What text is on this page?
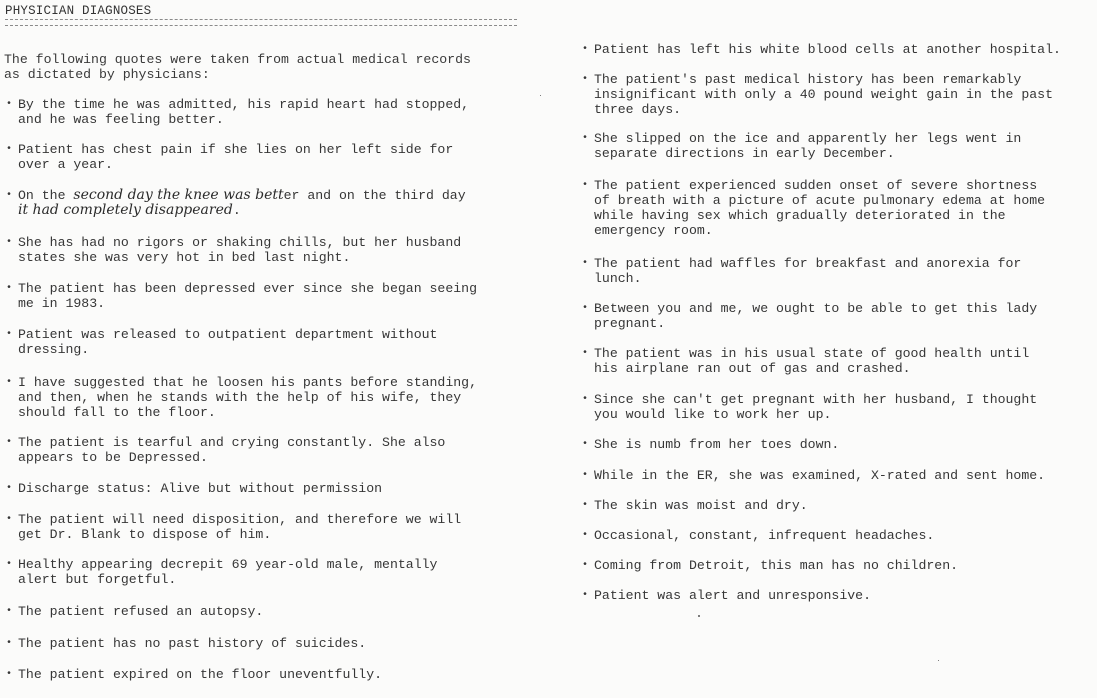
PHYSICIAN DIAGNOSES
The following quotes were taken from actual medical records
as dictated by physicians:
• By the time he was admitted, his rapid heart had stopped,
and he was feeling better.
• Patient has chest pain if she lies on her left side for
over a year.
• On the second day the knee was better and on the third day
it had completely disappeared.
• She has had no rigors or shaking chills, but her husband
states she was very hot in bed last night.
• The patient has been depressed ever since she began seeing
me in 1983.
• Patient was released to outpatient department without
dressing.
• I have suggested that he loosen his pants before standing,
and then, when he stands with the help of his wife, they
should fall to the floor.
• The patient is tearful and crying constantly. She also
appears to be Depressed.
• Discharge status: Alive but without permission
• The patient will need disposition, and therefore we will
get Dr. Blank to dispose of him.
• Healthy appearing decrepit 69 year-old male, mentally
alert but forgetful.
• The patient refused an autopsy.
• The patient has no past history of suicides.
• The patient expired on the floor uneventfully.
• Patient has left his white blood cells at another hospital.
• The patient's past medical history has been remarkably
insignificant with only a 40 pound weight gain in the past
three days.
• She slipped on the ice and apparently her legs went in
separate directions in early December.
• The patient experienced sudden onset of severe shortness
of breath with a picture of acute pulmonary edema at home
while having sex which gradually deteriorated in the
emergency room.
• The patient had waffles for breakfast and anorexia for
lunch.
• Between you and me, we ought to be able to get this lady
pregnant.
• The patient was in his usual state of good health until
his airplane ran out of gas and crashed.
• Since she can't get pregnant with her husband, I thought
you would like to work her up.
• She is numb from her toes down.
• While in the ER, she was examined, X-rated and sent home.
• The skin was moist and dry.
• Occasional, constant, infrequent headaches.
• Coming from Detroit, this man has no children.
• Patient was alert and unresponsive.
